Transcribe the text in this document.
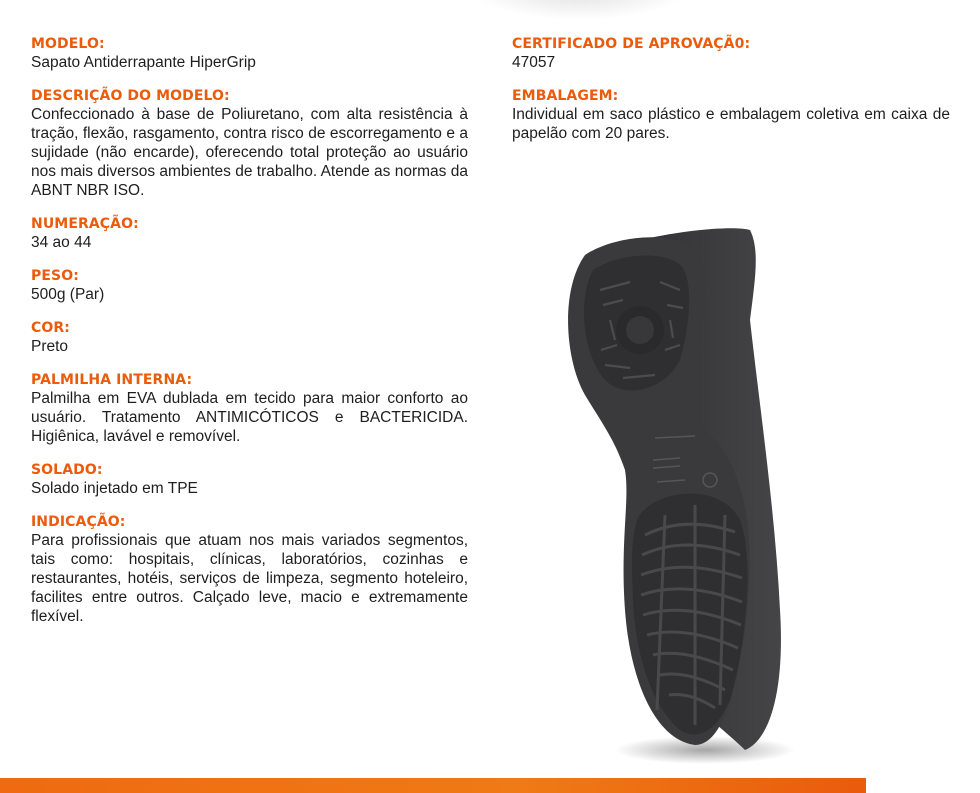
MODELO:
Sapato Antiderrapante HiperGrip
DESCRIÇÃO DO MODELO:
Confeccionado à base de Poliuretano, com alta resistência à tração, flexão, rasgamento, contra risco de escorregamento e a sujidade (não encarde), oferecendo total proteção ao usuário nos mais diversos ambientes de trabalho. Atende as normas da ABNT NBR ISO.
NUMERAÇÃO:
34 ao 44
PESO:
500g (Par)
COR:
Preto
PALMILHA INTERNA:
Palmilha em EVA dublada em tecido para maior conforto ao usuário. Tratamento ANTIMICÓTICOS e BACTERICIDA. Higiênica, lavável e removível.
SOLADO:
Solado injetado em TPE
INDICAÇÃO:
Para profissionais que atuam nos mais variados segmentos, tais como: hospitais, clínicas, laboratórios, cozinhas e restaurantes, hotéis, serviços de limpeza, segmento hoteleiro, facilites entre outros. Calçado leve, macio e extremamente flexível.
CERTIFICADO DE APROVAÇÃ0:
47057
EMBALAGEM:
Individual em saco plástico e embalagem coletiva em caixa de papelão com 20 pares.
